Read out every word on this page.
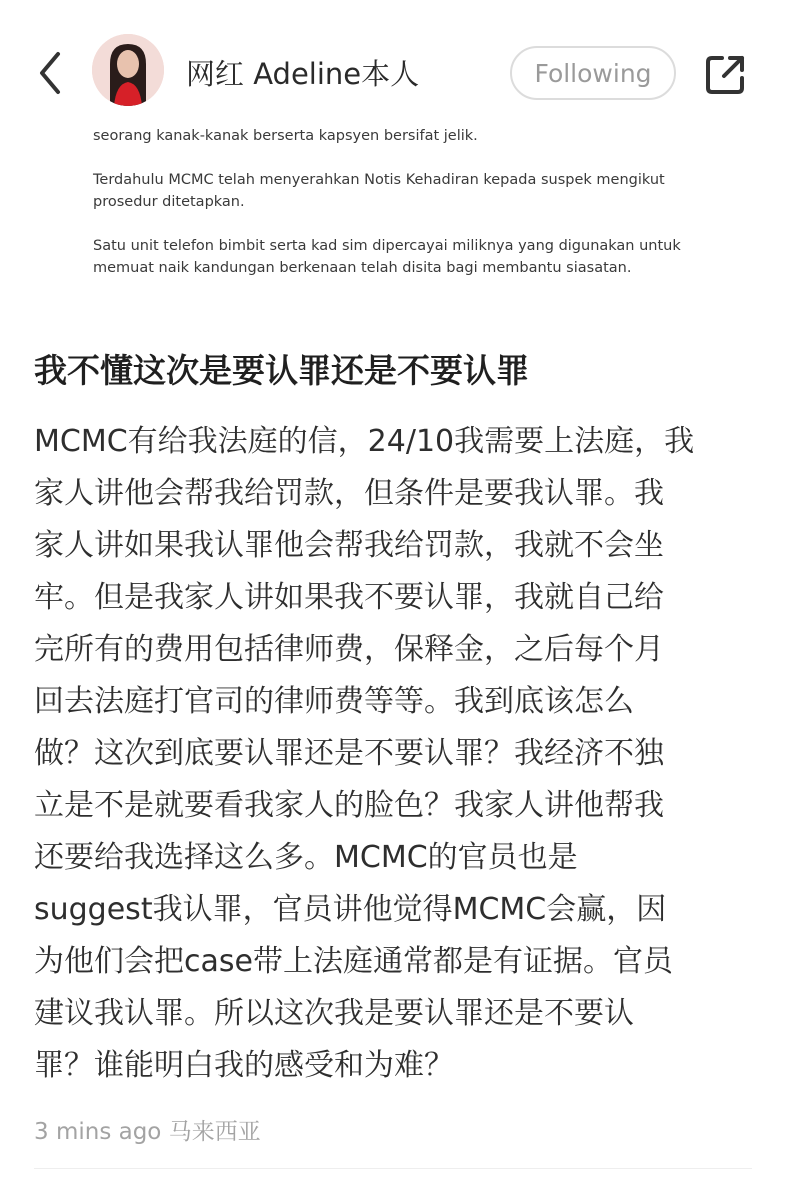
网红 Adeline本人	Following
seorang kanak-kanak berserta kapsyen bersifat jelik.
Terdahulu MCMC telah menyerahkan Notis Kehadiran kepada suspek mengikut
prosedur ditetapkan.
Satu unit telefon bimbit serta kad sim dipercayai miliknya yang digunakan untuk
memuat naik kandungan berkenaan telah disita bagi membantu siasatan.
我不懂这次是要认罪还是不要认罪
MCMC有给我法庭的信，24/10我需要上法庭，我
家人讲他会帮我给罚款，但条件是要我认罪。我
家人讲如果我认罪他会帮我给罚款，我就不会坐
牢。但是我家人讲如果我不要认罪，我就自己给
完所有的费用包括律师费，保释金，之后每个月
回去法庭打官司的律师费等等。我到底该怎么
做？这次到底要认罪还是不要认罪？我经济不独
立是不是就要看我家人的脸色？我家人讲他帮我
还要给我选择这么多。MCMC的官员也是
suggest我认罪，官员讲他觉得MCMC会赢，因
为他们会把case带上法庭通常都是有证据。官员
建议我认罪。所以这次我是要认罪还是不要认
罪？谁能明白我的感受和为难？
3 mins ago 马来西亚
